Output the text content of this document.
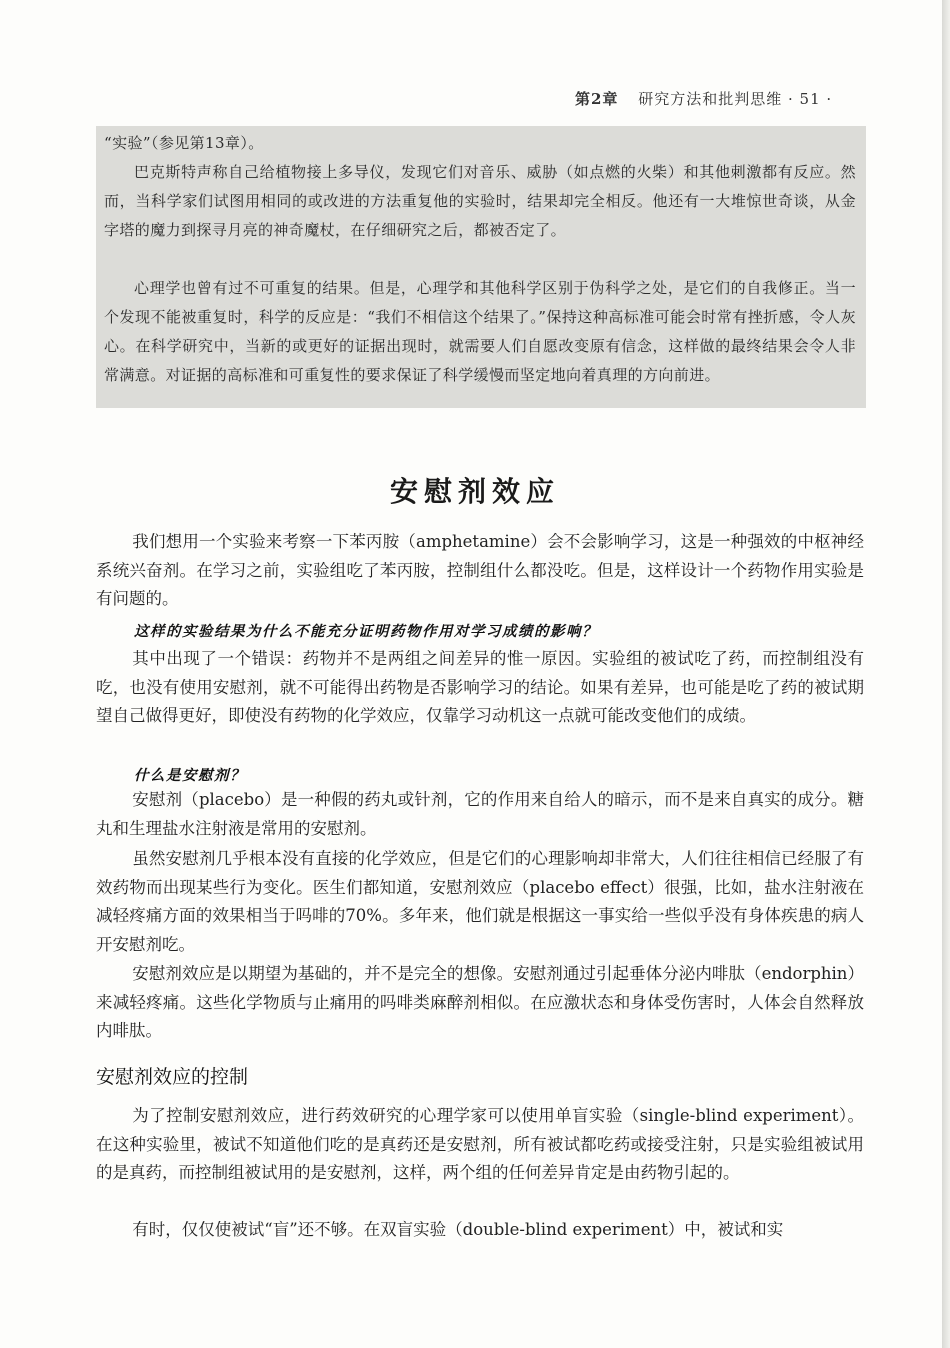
第2章 研究方法和批判思维 · 51 ·

“实验”（参见第13章）。

巴克斯特声称自己给植物接上多导仪，发现它们对音乐、威胁（如点燃的火柴）和其他刺激都有反应。然而，当科学家们试图用相同的或改进的方法重复他的实验时，结果却完全相反。他还有一大堆惊世奇谈，从金字塔的魔力到探寻月亮的神奇魔杖，在仔细研究之后，都被否定了。

心理学也曾有过不可重复的结果。但是，心理学和其他科学区别于伪科学之处，是它们的自我修正。当一个发现不能被重复时，科学的反应是：“我们不相信这个结果了。”保持这种高标准可能会时常有挫折感，令人灰心。在科学研究中，当新的或更好的证据出现时，就需要人们自愿改变原有信念，这样做的最终结果会令人非常满意。对证据的高标准和可重复性的要求保证了科学缓慢而坚定地向着真理的方向前进。

安慰剂效应

我们想用一个实验来考察一下苯丙胺（amphetamine）会不会影响学习，这是一种强效的中枢神经系统兴奋剂。在学习之前，实验组吃了苯丙胺，控制组什么都没吃。但是，这样设计一个药物作用实验是有问题的。

这样的实验结果为什么不能充分证明药物作用对学习成绩的影响？

其中出现了一个错误：药物并不是两组之间差异的惟一原因。实验组的被试吃了药，而控制组没有吃，也没有使用安慰剂，就不可能得出药物是否影响学习的结论。如果有差异，也可能是吃了药的被试期望自己做得更好，即使没有药物的化学效应，仅靠学习动机这一点就可能改变他们的成绩。

什么是安慰剂？

安慰剂（placebo）是一种假的药丸或针剂，它的作用来自给人的暗示，而不是来自真实的成分。糖丸和生理盐水注射液是常用的安慰剂。

虽然安慰剂几乎根本没有直接的化学效应，但是它们的心理影响却非常大，人们往往相信已经服了有效药物而出现某些行为变化。医生们都知道，安慰剂效应（placebo effect）很强，比如，盐水注射液在减轻疼痛方面的效果相当于吗啡的70%。多年来，他们就是根据这一事实给一些似乎没有身体疾患的病人开安慰剂吃。

安慰剂效应是以期望为基础的，并不是完全的想像。安慰剂通过引起垂体分泌内啡肽（endorphin）来减轻疼痛。这些化学物质与止痛用的吗啡类麻醉剂相似。在应激状态和身体受伤害时，人体会自然释放内啡肽。

安慰剂效应的控制

为了控制安慰剂效应，进行药效研究的心理学家可以使用单盲实验（single-blind experiment）。在这种实验里，被试不知道他们吃的是真药还是安慰剂，所有被试都吃药或接受注射，只是实验组被试用的是真药，而控制组被试用的是安慰剂，这样，两个组的任何差异肯定是由药物引起的。

有时，仅仅使被试“盲”还不够。在双盲实验（double-blind experiment）中，被试和实
